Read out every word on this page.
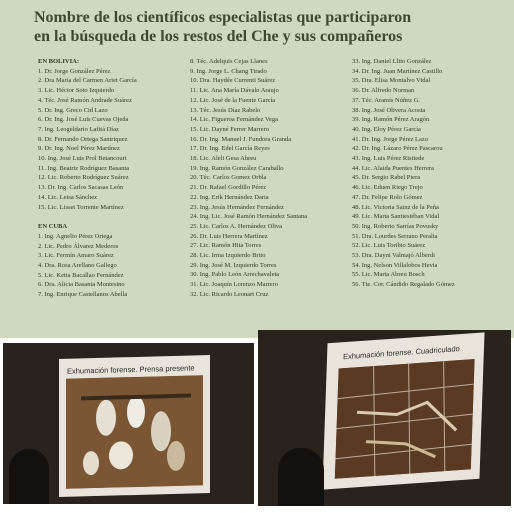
Nombre de los científicos especialistas que participaron
en la búsqueda de los restos del Che y sus compañeros
EN BOLIVIA:
1. Dr. Jorge González Pérez
2. Dra María del Carmen Ariet García
3. Lic. Héctor Soto Izquierdo
4. Téc. José Ramón Andrade Suárez
5. Dr. Ing. Greco Cid Lazo
6. Dr. Ing. José Luis Cuevas Ojeda
7. Ing. Leogeldario Lafitá Díaz
8. Dr. Fernando Ortega Santriquez
9. Dr. Ing. Noel Pérez Martínez
10. Ing. José Luis Prol Betancourt
11. Ing. Beatriz Rodríguez Basanta
12. Lic. Roberto Rodríguez Suárez
13. Dr. Ing. Carlos Sacasas León
14. Lic. Leisa Sánchez
15. Lic. Lisset Torrente Martínez
EN CUBA
1. Ing. Agnelio Pérez Ortega
2. Lic. Pedro Álvarez Mederos
3. Lic. Fermín Amaro Suárez
4. Dra. Rosa Arellano Gallego
5. Lic. Ketta Bacallao Fernández
6. Dra. Alicia Basanta Montesino
7. Ing. Enrique Castellanos Abella
8. Téc. Adelquis Cejas Llanes
9. Ing. Jorge L. Chang Tirado
10. Dra. Haydée Currenti Suárez
11. Lic. Ana María Dávalo Araujo
12. Lic. José de la Fuente García
13. Téc. Jesús Díaz Rabelo
14. Lic. Figueroa Fernández Vega
15. Lic. Dayné Ferrer Marrero
16. Dr. Ing. Manuel J. Fundora Granda
17. Dr. Ing. Edel García Reyes
18. Lic. Aleli Gesa Abreu
19. Ing. Ramón González Caraballo
20. Téc. Carlos Gomez Orbla
21. Dr. Rafael Gordillo Pérez
22. Ing. Erik Hernández Daria
23. Ing. Jesús Hernández Fernández
24. Ing. Lic. José Ramón Hernández Santana
25. Lic. Carlos A. Hernández Oliva
26. Dr. Luis Herrera Martínez
27. Lic. Ramón Hita Torres
28. Lic. Irma Izquierdo Brito
29. Ing. José M. Izquierdo Torres
30. Ing. Pablo León Arrechavaleta
31. Lic. Joaquín Lorenzo Marrero
32. Lic. Ricardo Leonart Cruz
33. Ing. Daniel Llito González
34. Dr. Ing. Juan Martínez Castillo
35. Dra. Elisa Montalvo Vidal
36. Dr. Alfredo Norman
37. Téc. Aramís Núñez G.
38. Ing. José Olivera Acosta
39. Ing. Ramón Pérez Aragón
40. Ing. Eloy Pérez García
41. Dr. Ing. Jorge Pérez Lazo
42. Dr. Ing. Lázaro Pérez Pascarou
43. Ing. Luis Pérez Ristiede
44. Lic. Alaida Puentes Herrera
45. Dr. Sergio Rabel Piera
46. Lic. Eduen Riego Trejo
47. Dr. Felipe Rolo Gómez
48. Lic. Victoria Sainz de la Peña
49. Lic. Marta Santiestéban Vidal
50. Ing. Roberto Sarrías Povusky
51. Dra. Lourdes Serrano Peralta
52. Lic. Luis Toribio Suárez
53. Dra. Dayni Valmajó Alberdi
54. Ing. Nelson Villalobos Hevia
55. Lic. Marta Abreu Bosch
56. Tte. Cor. Cándido Regalado Gómez
Exhumación forense. Prensa presente
Exhumación forense. Cuadriculado
